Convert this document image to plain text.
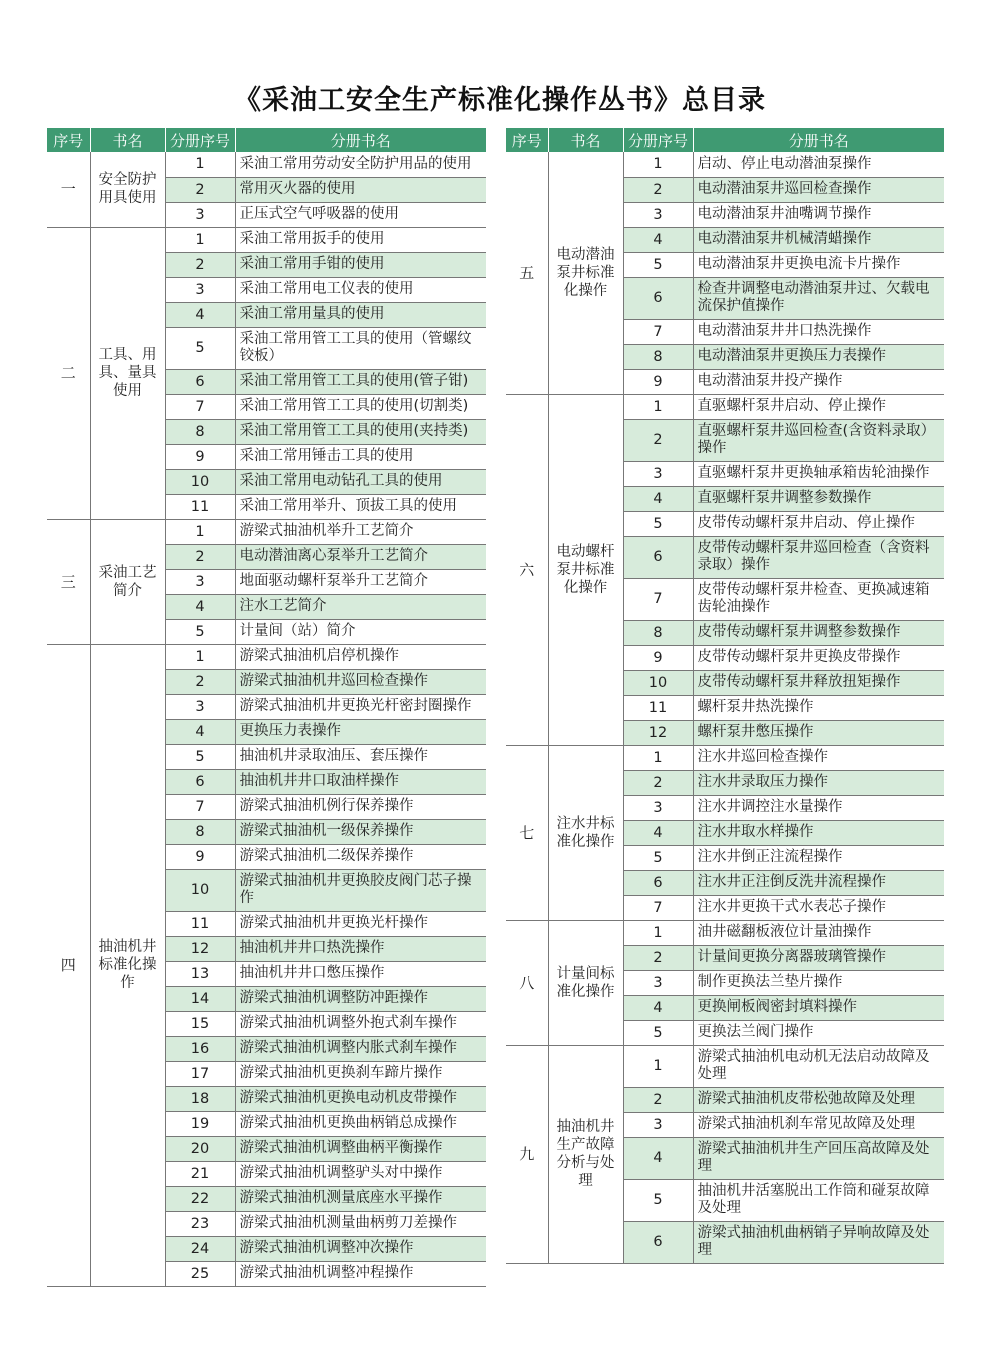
《采油工安全生产标准化操作丛书》总目录
序号	书名	分册序号	分册书名
一	安全防护用具使用	1	采油工常用劳动安全防护用品的使用
		2	常用灭火器的使用
		3	正压式空气呼吸器的使用
二	工具、用具、量具使用	1	采油工常用扳手的使用
		2	采油工常用手钳的使用
		3	采油工常用电工仪表的使用
		4	采油工常用量具的使用
		5	采油工常用管工工具的使用（管螺纹铰板）
		6	采油工常用管工工具的使用(管子钳)
		7	采油工常用管工工具的使用(切割类)
		8	采油工常用管工工具的使用(夹持类)
		9	采油工常用锤击工具的使用
		10	采油工常用电动钻孔工具的使用
		11	采油工常用举升、顶拔工具的使用
三	采油工艺简介	1	游梁式抽油机举升工艺简介
		2	电动潜油离心泵举升工艺简介
		3	地面驱动螺杆泵举升工艺简介
		4	注水工艺简介
		5	计量间（站）简介
四	抽油机井标准化操作	1	游梁式抽油机启停机操作
		2	游梁式抽油机井巡回检查操作
		3	游梁式抽油机井更换光杆密封圈操作
		4	更换压力表操作
		5	抽油机井录取油压、套压操作
		6	抽油机井井口取油样操作
		7	游梁式抽油机例行保养操作
		8	游梁式抽油机一级保养操作
		9	游梁式抽油机二级保养操作
		10	游梁式抽油机井更换胶皮阀门芯子操作
		11	游梁式抽油机井更换光杆操作
		12	抽油机井井口热洗操作
		13	抽油机井井口憋压操作
		14	游梁式抽油机调整防冲距操作
		15	游梁式抽油机调整外抱式刹车操作
		16	游梁式抽油机调整内胀式刹车操作
		17	游梁式抽油机更换刹车蹄片操作
		18	游梁式抽油机更换电动机皮带操作
		19	游梁式抽油机更换曲柄销总成操作
		20	游梁式抽油机调整曲柄平衡操作
		21	游梁式抽油机调整驴头对中操作
		22	游梁式抽油机测量底座水平操作
		23	游梁式抽油机测量曲柄剪刀差操作
		24	游梁式抽油机调整冲次操作
		25	游梁式抽油机调整冲程操作
序号	书名	分册序号	分册书名
五	电动潜油泵井标准化操作	1	启动、停止电动潜油泵操作
		2	电动潜油泵井巡回检查操作
		3	电动潜油泵井油嘴调节操作
		4	电动潜油泵井机械清蜡操作
		5	电动潜油泵井更换电流卡片操作
		6	检查井调整电动潜油泵井过、欠载电流保护值操作
		7	电动潜油泵井井口热洗操作
		8	电动潜油泵井更换压力表操作
		9	电动潜油泵井投产操作
六	电动螺杆泵井标准化操作	1	直驱螺杆泵井启动、停止操作
		2	直驱螺杆泵井巡回检查(含资料录取）操作
		3	直驱螺杆泵井更换轴承箱齿轮油操作
		4	直驱螺杆泵井调整参数操作
		5	皮带传动螺杆泵井启动、停止操作
		6	皮带传动螺杆泵井巡回检查（含资料录取）操作
		7	皮带传动螺杆泵井检查、更换减速箱齿轮油操作
		8	皮带传动螺杆泵井调整参数操作
		9	皮带传动螺杆泵井更换皮带操作
		10	皮带传动螺杆泵井释放扭矩操作
		11	螺杆泵井热洗操作
		12	螺杆泵井憋压操作
七	注水井标准化操作	1	注水井巡回检查操作
		2	注水井录取压力操作
		3	注水井调控注水量操作
		4	注水井取水样操作
		5	注水井倒正注流程操作
		6	注水井正注倒反洗井流程操作
		7	注水井更换干式水表芯子操作
八	计量间标准化操作	1	油井磁翻板液位计量油操作
		2	计量间更换分离器玻璃管操作
		3	制作更换法兰垫片操作
		4	更换闸板阀密封填料操作
		5	更换法兰阀门操作
九	抽油机井生产故障分析与处理	1	游梁式抽油机电动机无法启动故障及处理
		2	游梁式抽油机皮带松弛故障及处理
		3	游梁式抽油机刹车常见故障及处理
		4	游梁式抽油机井生产回压高故障及处理
		5	抽油机井活塞脱出工作筒和碰泵故障及处理
		6	游梁式抽油机曲柄销子异响故障及处理
